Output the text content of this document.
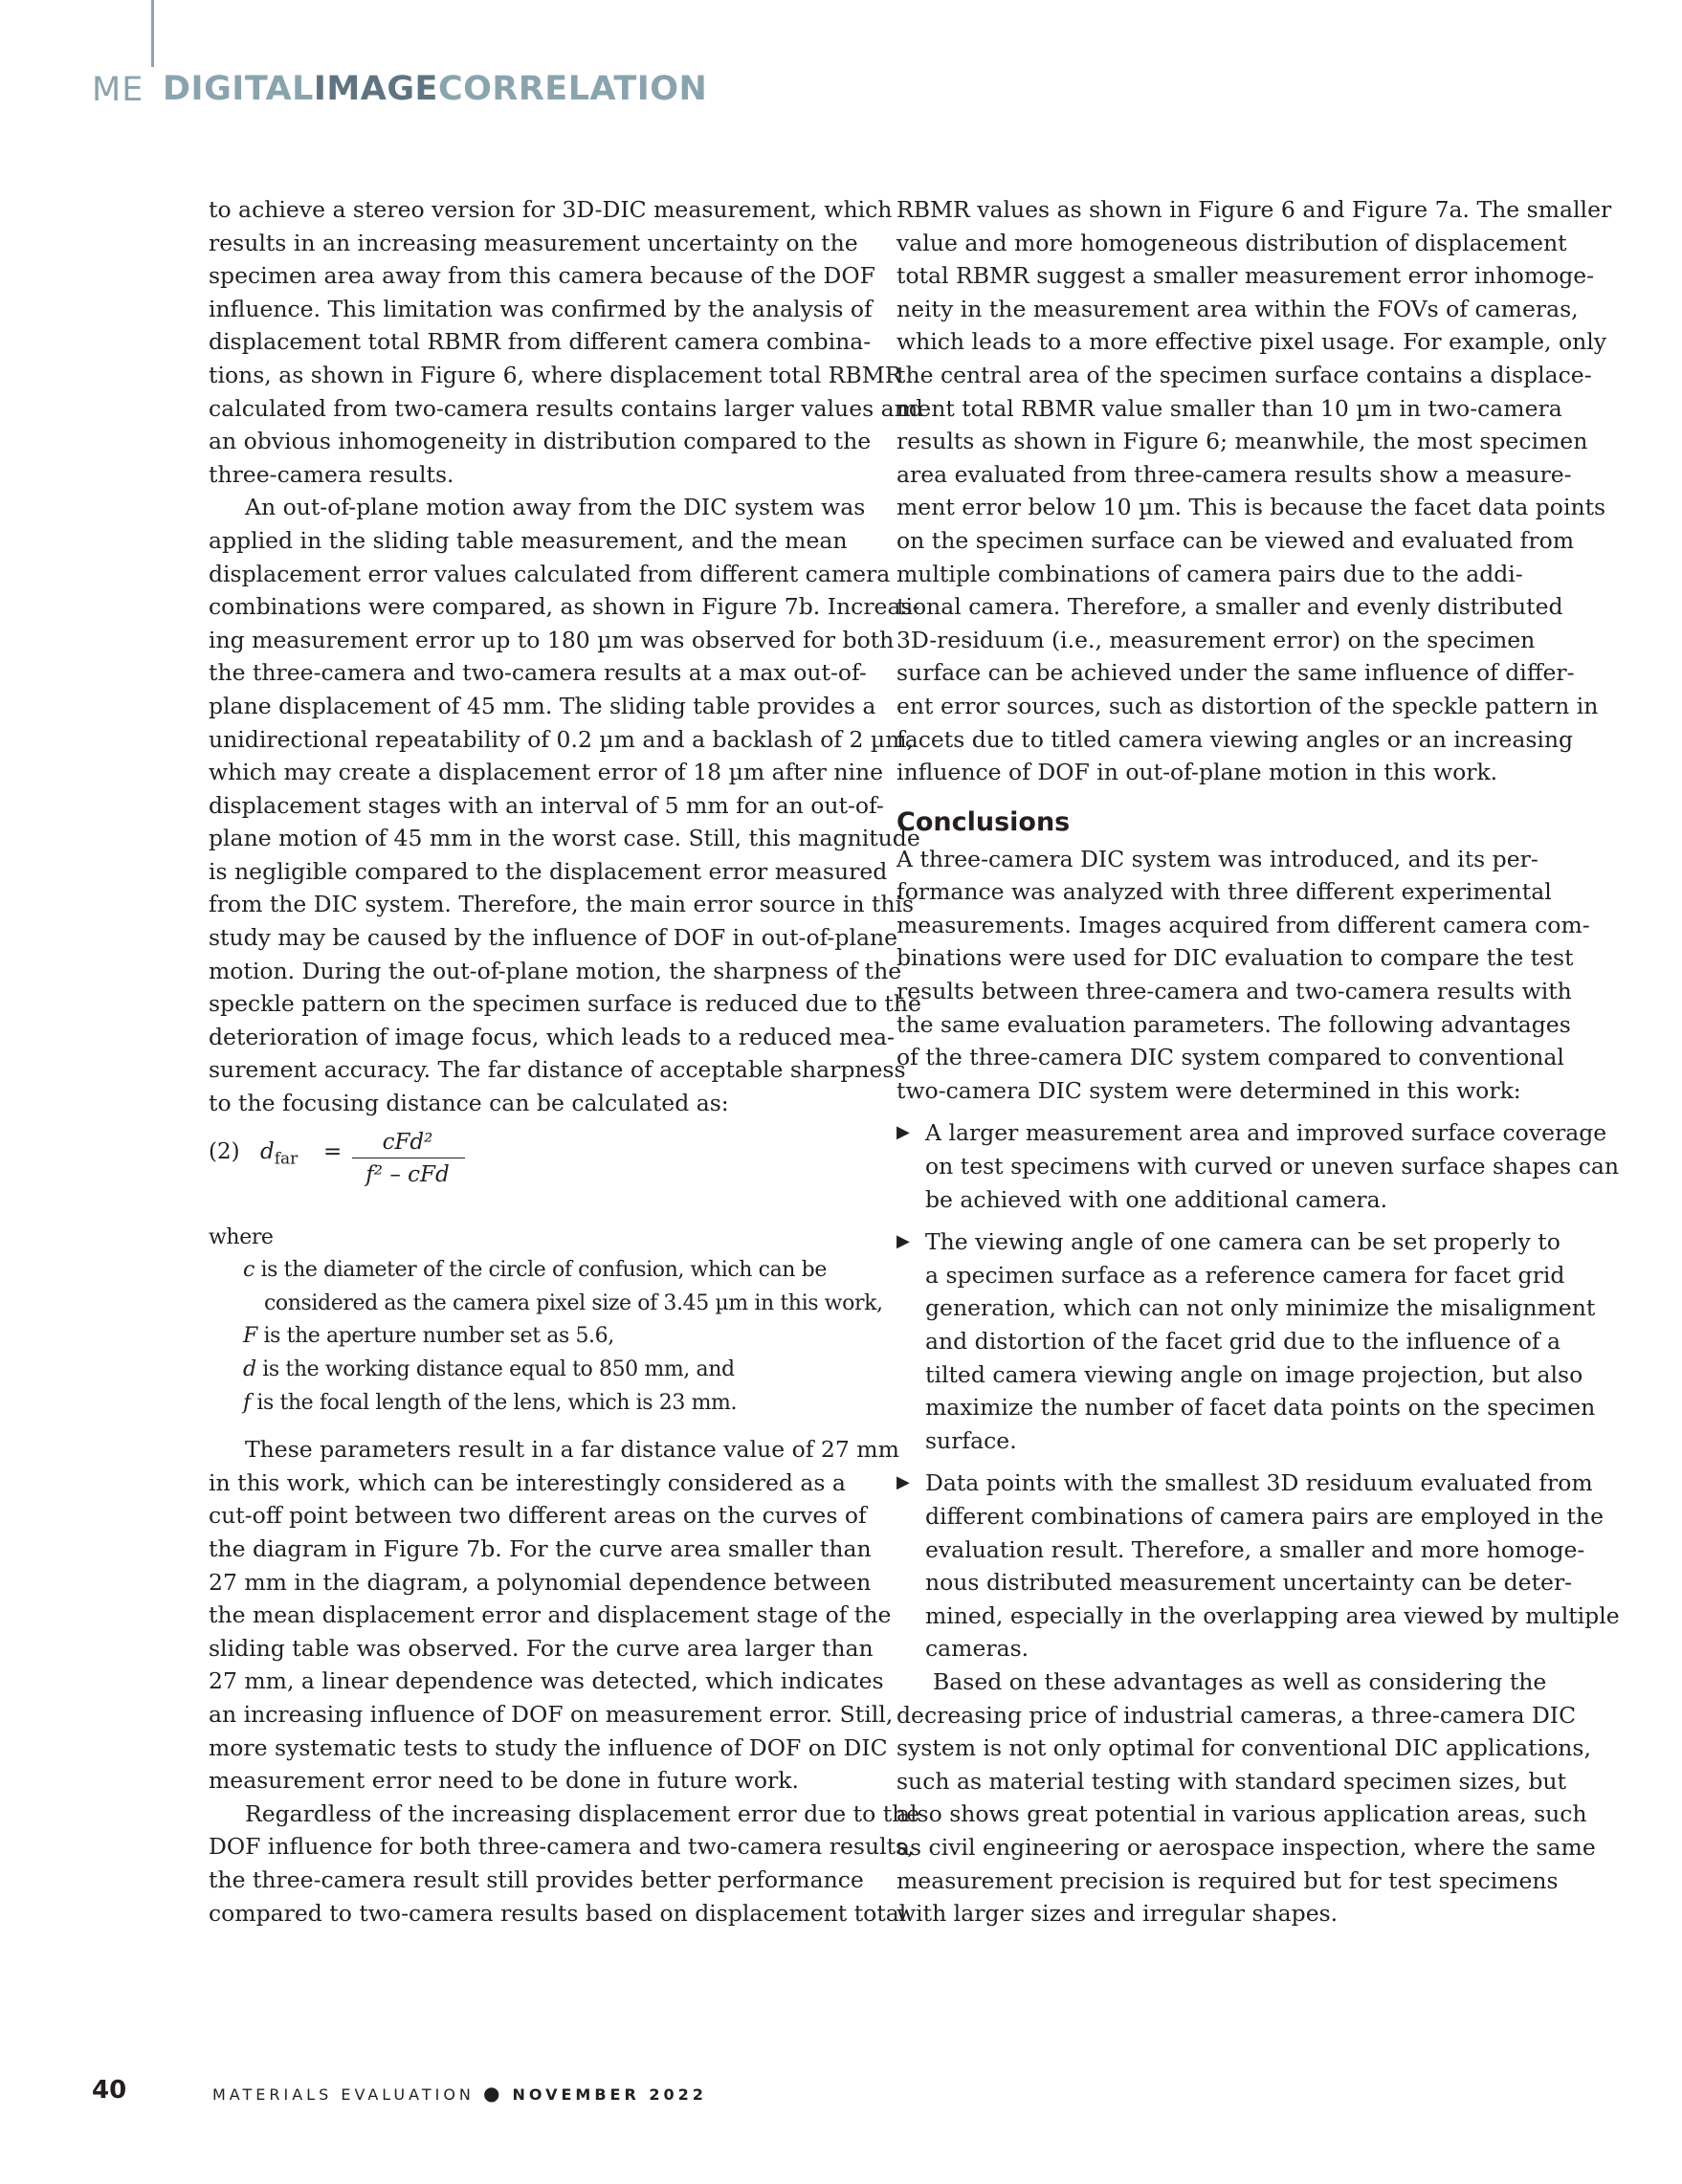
ME DIGITALIMAGECORRELATION
to achieve a stereo version for 3D-DIC measurement, which
results in an increasing measurement uncertainty on the
specimen area away from this camera because of the DOF
influence. This limitation was confirmed by the analysis of
displacement total RBMR from different camera combina-
tions, as shown in Figure 6, where displacement total RBMR
calculated from two-camera results contains larger values and
an obvious inhomogeneity in distribution compared to the
three-camera results.
An out-of-plane motion away from the DIC system was
applied in the sliding table measurement, and the mean
displacement error values calculated from different camera
combinations were compared, as shown in Figure 7b. Increas-
ing measurement error up to 180 µm was observed for both
the three-camera and two-camera results at a max out-of-
plane displacement of 45 mm. The sliding table provides a
unidirectional repeatability of 0.2 µm and a backlash of 2 µm,
which may create a displacement error of 18 µm after nine
displacement stages with an interval of 5 mm for an out-of-
plane motion of 45 mm in the worst case. Still, this magnitude
is negligible compared to the displacement error measured
from the DIC system. Therefore, the main error source in this
study may be caused by the influence of DOF in out-of-plane
motion. During the out-of-plane motion, the sharpness of the
speckle pattern on the specimen surface is reduced due to the
deterioration of image focus, which leads to a reduced mea-
surement accuracy. The far distance of acceptable sharpness
to the focusing distance can be calculated as:
(2) $d_{far}$ =	cFd²
f² – cFd
where
c is the diameter of the circle of confusion, which can be
considered as the camera pixel size of 3.45 µm in this work,
F is the aperture number set as 5.6,
d is the working distance equal to 850 mm, and
f is the focal length of the lens, which is 23 mm.
These parameters result in a far distance value of 27 mm
in this work, which can be interestingly considered as a
cut-off point between two different areas on the curves of
the diagram in Figure 7b. For the curve area smaller than
27 mm in the diagram, a polynomial dependence between
the mean displacement error and displacement stage of the
sliding table was observed. For the curve area larger than
27 mm, a linear dependence was detected, which indicates
an increasing influence of DOF on measurement error. Still,
more systematic tests to study the influence of DOF on DIC
measurement error need to be done in future work.
Regardless of the increasing displacement error due to the
DOF influence for both three-camera and two-camera results,
the three-camera result still provides better performance
compared to two-camera results based on displacement total
RBMR values as shown in Figure 6 and Figure 7a. The smaller
value and more homogeneous distribution of displacement
total RBMR suggest a smaller measurement error inhomoge-
neity in the measurement area within the FOVs of cameras,
which leads to a more effective pixel usage. For example, only
the central area of the specimen surface contains a displace-
ment total RBMR value smaller than 10 µm in two-camera
results as shown in Figure 6; meanwhile, the most specimen
area evaluated from three-camera results show a measure-
ment error below 10 µm. This is because the facet data points
on the specimen surface can be viewed and evaluated from
multiple combinations of camera pairs due to the addi-
tional camera. Therefore, a smaller and evenly distributed
3D-residuum (i.e., measurement error) on the specimen
surface can be achieved under the same influence of differ-
ent error sources, such as distortion of the speckle pattern in
facets due to titled camera viewing angles or an increasing
influence of DOF in out-of-plane motion in this work.
Conclusions
A three-camera DIC system was introduced, and its per-
formance was analyzed with three different experimental
measurements. Images acquired from different camera com-
binations were used for DIC evaluation to compare the test
results between three-camera and two-camera results with
the same evaluation parameters. The following advantages
of the three-camera DIC system compared to conventional
two-camera DIC system were determined in this work:
▶ A larger measurement area and improved surface coverage
on test specimens with curved or uneven surface shapes can
be achieved with one additional camera.
▶ The viewing angle of one camera can be set properly to
a specimen surface as a reference camera for facet grid
generation, which can not only minimize the misalignment
and distortion of the facet grid due to the influence of a
tilted camera viewing angle on image projection, but also
maximize the number of facet data points on the specimen
surface.
▶ Data points with the smallest 3D residuum evaluated from
different combinations of camera pairs are employed in the
evaluation result. Therefore, a smaller and more homoge-
nous distributed measurement uncertainty can be deter-
mined, especially in the overlapping area viewed by multiple
cameras.
Based on these advantages as well as considering the
decreasing price of industrial cameras, a three-camera DIC
system is not only optimal for conventional DIC applications,
such as material testing with standard specimen sizes, but
also shows great potential in various application areas, such
as civil engineering or aerospace inspection, where the same
measurement precision is required but for test specimens
with larger sizes and irregular shapes.
40	MATERIALS EVALUATION ● NOVEMBER 2022
